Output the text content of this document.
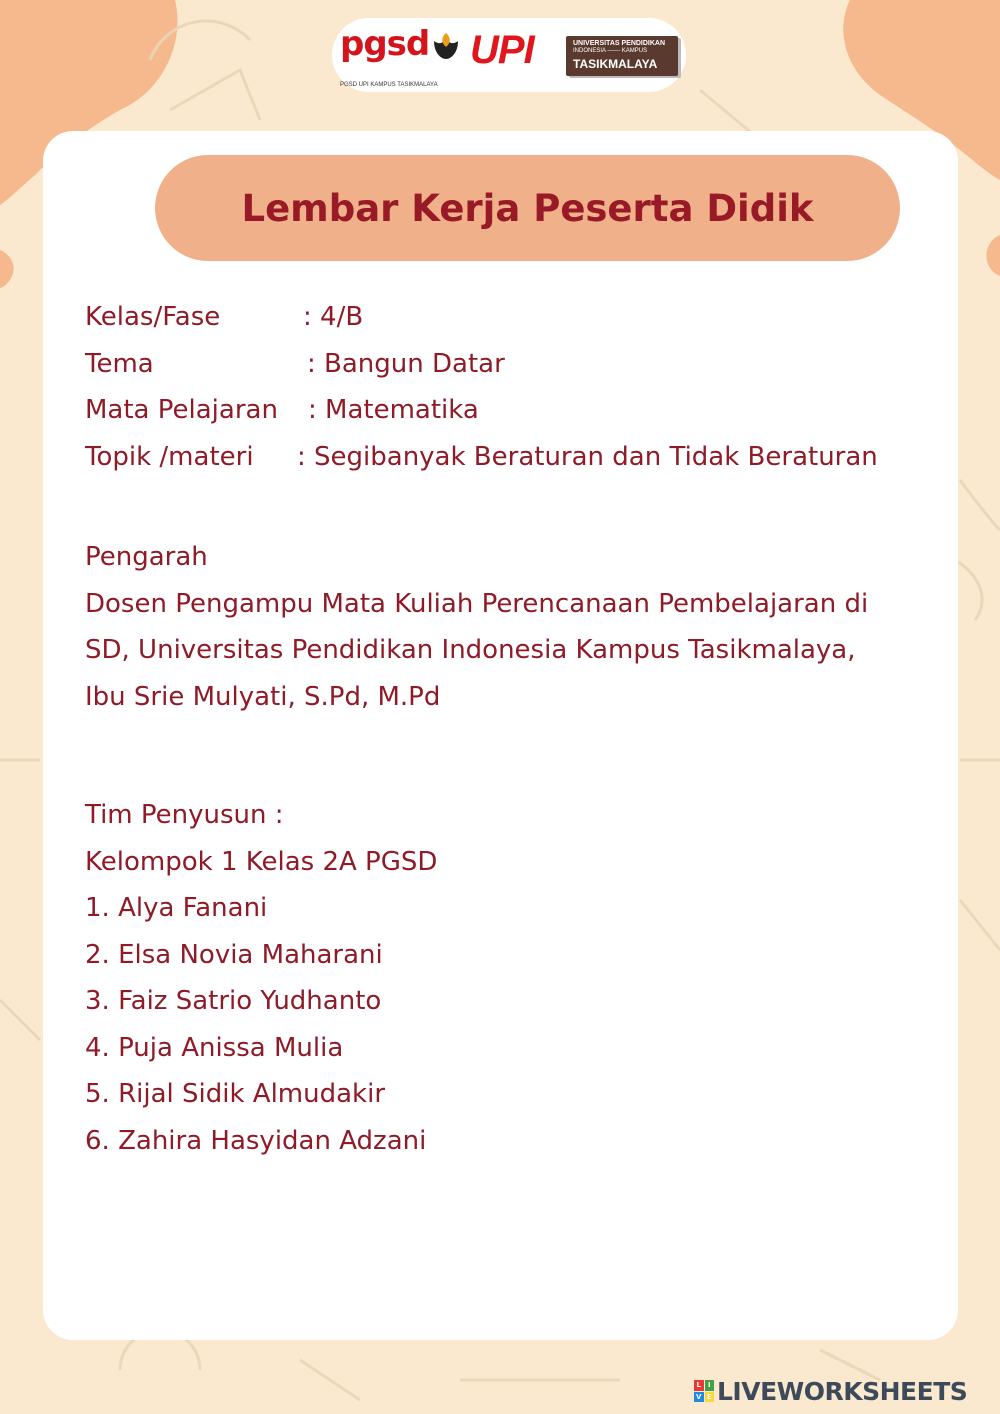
pgsd
PGSD UPI KAMPUS TASIKMALAYA
UPI	UNIVERSITAS PENDIDIKAN
INDONESIA ─── KAMPUS
TASIKMALAYA
Lembar Kerja Peserta Didik
Kelas/Fase	: 4/B
Tema	: Bangun Datar
Mata Pelajaran : Matematika
Topik /materi : Segibanyak Beraturan dan Tidak Beraturan
Pengarah
Dosen Pengampu Mata Kuliah Perencanaan Pembelajaran di
SD, Universitas Pendidikan Indonesia Kampus Tasikmalaya,
Ibu Srie Mulyati, S.Pd, M.Pd
Tim Penyusun :
Kelompok 1 Kelas 2A PGSD
1. Alya Fanani
2. Elsa Novia Maharani
3. Faiz Satrio Yudhanto
4. Puja Anissa Mulia
5. Rijal Sidik Almudakir
6. Zahira Hasyidan Adzani
L I
V E LIVEWORKSHEETS
